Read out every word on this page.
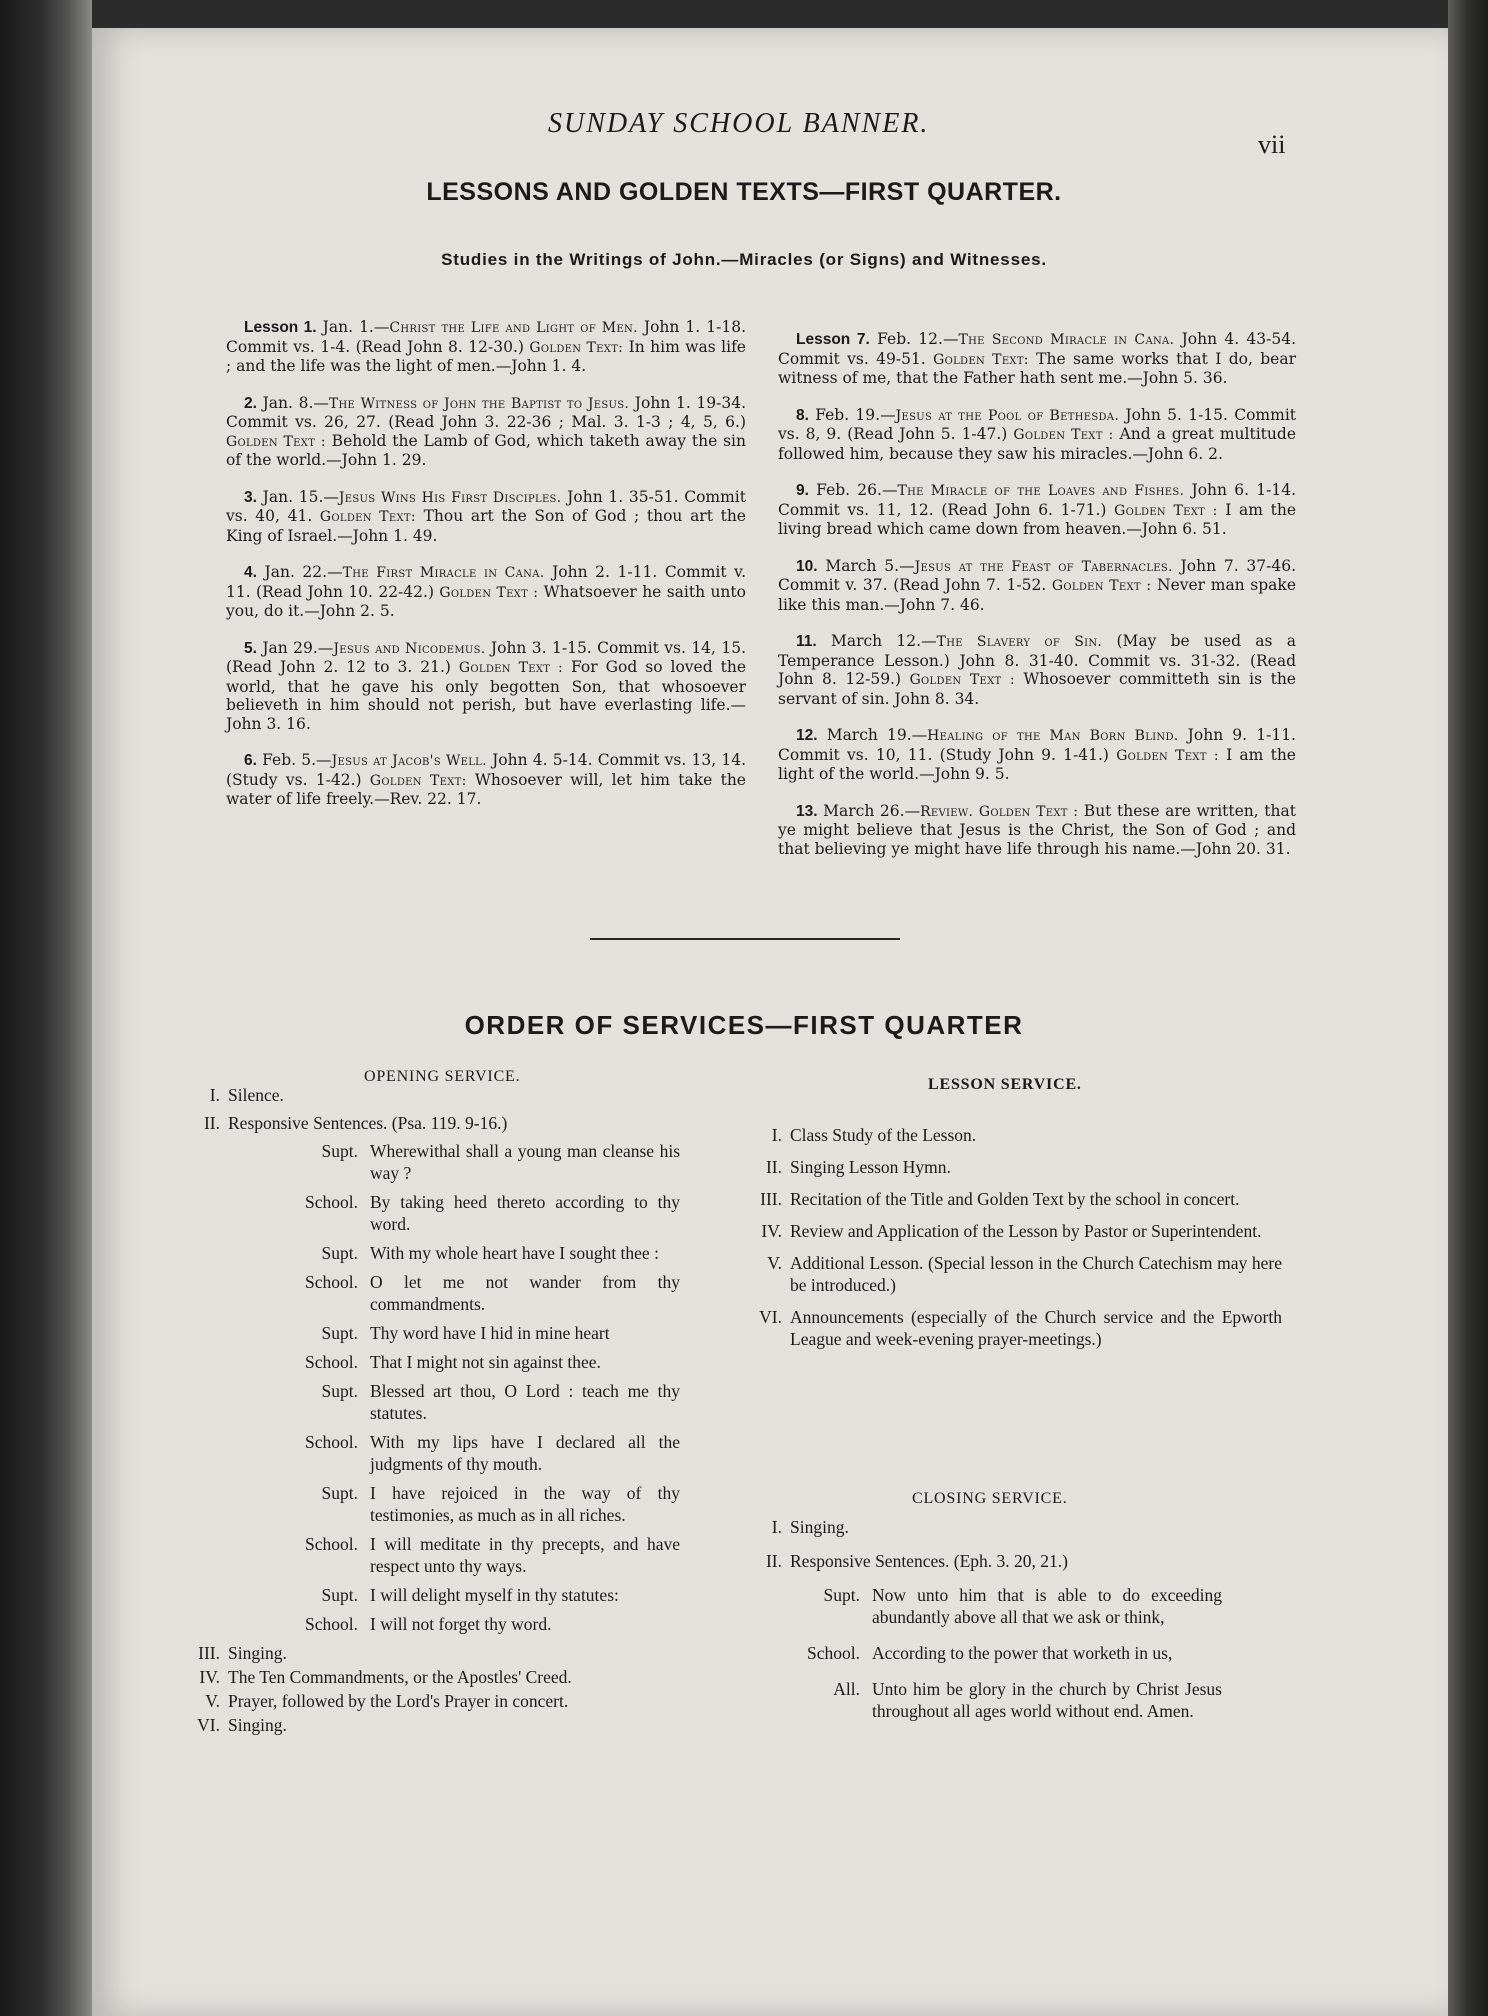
SUNDAY SCHOOL BANNER.
vii
LESSONS AND GOLDEN TEXTS—FIRST QUARTER.
Studies in the Writings of John.—Miracles (or Signs) and Witnesses.

Lesson 1. Jan. 1.—Christ the Life and Light of Men. John 1. 1-18. Commit vs. 1-4. (Read John 8. 12-30.) Golden Text: In him was life ; and the life was the light of men.—John 1. 4.

2. Jan. 8.—The Witness of John the Baptist to Jesus. John 1. 19-34. Commit vs. 26, 27. (Read John 3. 22-36 ; Mal. 3. 1-3 ; 4, 5, 6.) Golden Text : Behold the Lamb of God, which taketh away the sin of the world.—John 1. 29.

3. Jan. 15.—Jesus Wins His First Disciples. John 1. 35-51. Commit vs. 40, 41. Golden Text: Thou art the Son of God ; thou art the King of Israel.—John 1. 49.

4. Jan. 22.—The First Miracle in Cana. John 2. 1-11. Commit v. 11. (Read John 10. 22-42.) Golden Text : Whatsoever he saith unto you, do it.—John 2. 5.

5. Jan 29.—Jesus and Nicodemus. John 3. 1-15. Commit vs. 14, 15. (Read John 2. 12 to 3. 21.) Golden Text : For God so loved the world, that he gave his only begotten Son, that whosoever believeth in him should not perish, but have everlasting life.—John 3. 16.

6. Feb. 5.—Jesus at Jacob's Well. John 4. 5-14. Commit vs. 13, 14. (Study vs. 1-42.) Golden Text: Whosoever will, let him take the water of life freely.—Rev. 22. 17.

Lesson 7. Feb. 12.—The Second Miracle in Cana. John 4. 43-54. Commit vs. 49-51. Golden Text: The same works that I do, bear witness of me, that the Father hath sent me.—John 5. 36.

8. Feb. 19.—Jesus at the Pool of Bethesda. John 5. 1-15. Commit vs. 8, 9. (Read John 5. 1-47.) Golden Text : And a great multitude followed him, because they saw his miracles.—John 6. 2.

9. Feb. 26.—The Miracle of the Loaves and Fishes. John 6. 1-14. Commit vs. 11, 12. (Read John 6. 1-71.) Golden Text : I am the living bread which came down from heaven.—John 6. 51.

10. March 5.—Jesus at the Feast of Tabernacles. John 7. 37-46. Commit v. 37. (Read John 7. 1-52. Golden Text : Never man spake like this man.—John 7. 46.

11. March 12.—The Slavery of Sin. (May be used as a Temperance Lesson.) John 8. 31-40. Commit vs. 31-32. (Read John 8. 12-59.) Golden Text : Whosoever committeth sin is the servant of sin. John 8. 34.

12. March 19.—Healing of the Man Born Blind. John 9. 1-11. Commit vs. 10, 11. (Study John 9. 1-41.) Golden Text : I am the light of the world.—John 9. 5.

13. March 26.—Review. Golden Text : But these are written, that ye might believe that Jesus is the Christ, the Son of God ; and that believing ye might have life through his name.—John 20. 31.

ORDER OF SERVICES—FIRST QUARTER
OPENING SERVICE.	LESSON SERVICE.
I. Silence.
II. Responsive Sentences. (Psa. 119. 9-16.)
Supt. Wherewithal shall a young man cleanse his way ?
School. By taking heed thereto according to thy word.
Supt. With my whole heart have I sought thee :
School. O let me not wander from thy commandments.
Supt. Thy word have I hid in mine heart
School. That I might not sin against thee.
Supt. Blessed art thou, O Lord : teach me thy statutes.
School. With my lips have I declared all the judgments of thy mouth.
Supt. I have rejoiced in the way of thy testimonies, as much as in all riches.
School. I will meditate in thy precepts, and have respect unto thy ways.
Supt. I will delight myself in thy statutes:
School. I will not forget thy word.
III. Singing.
IV. The Ten Commandments, or the Apostles' Creed.
V. Prayer, followed by the Lord's Prayer in concert.
VI. Singing.
I. Class Study of the Lesson.
II. Singing Lesson Hymn.
III. Recitation of the Title and Golden Text by the school in concert.
IV. Review and Application of the Lesson by Pastor or Superintendent.
V. Additional Lesson. (Special lesson in the Church Catechism may here be introduced.)
VI. Announcements (especially of the Church service and the Epworth League and week-evening prayer-meetings.)
CLOSING SERVICE.
I. Singing.
II. Responsive Sentences. (Eph. 3. 20, 21.)
Supt. Now unto him that is able to do exceeding abundantly above all that we ask or think,
School. According to the power that worketh in us,
All. Unto him be glory in the church by Christ Jesus throughout all ages world without end. Amen.
